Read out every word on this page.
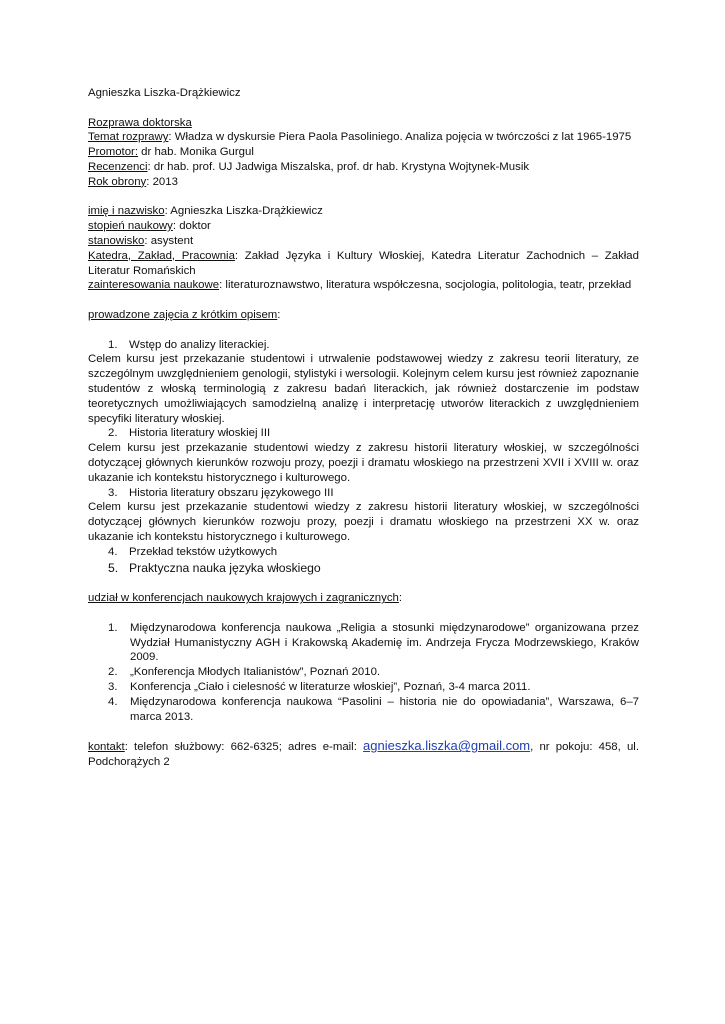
Agnieszka Liszka-Drążkiewicz
Rozprawa doktorska
Temat rozprawy: Władza w dyskursie Piera Paola Pasoliniego. Analiza pojęcia w twórczości z lat 1965-1975
Promotor: dr hab. Monika Gurgul
Recenzenci: dr hab. prof. UJ Jadwiga Miszalska, prof. dr hab. Krystyna Wojtynek-Musik
Rok obrony: 2013
imię i nazwisko: Agnieszka Liszka-Drążkiewicz
stopień naukowy: doktor
stanowisko: asystent
Katedra, Zakład, Pracownia: Zakład Języka i Kultury Włoskiej, Katedra Literatur Zachodnich – Zakład Literatur Romańskich
zainteresowania naukowe: literaturoznawstwo, literatura współczesna, socjologia, politologia, teatr, przekład
prowadzone zajęcia z krótkim opisem:
1. Wstęp do analizy literackiej.
Celem kursu jest przekazanie studentowi i utrwalenie podstawowej wiedzy z zakresu teorii literatury, ze szczególnym uwzględnieniem genologii, stylistyki i wersologii. Kolejnym celem kursu jest również zapoznanie studentów z włoską terminologią z zakresu badań literackich, jak również dostarczenie im podstaw teoretycznych umożliwiających samodzielną analizę i interpretację utworów literackich z uwzględnieniem specyfiki literatury włoskiej.
2. Historia literatury włoskiej III
Celem kursu jest przekazanie studentowi wiedzy z zakresu historii literatury włoskiej, w szczególności dotyczącej głównych kierunków rozwoju prozy, poezji i dramatu włoskiego na przestrzeni XVII i XVIII w. oraz ukazanie ich kontekstu historycznego i kulturowego.
3. Historia literatury obszaru językowego III
Celem kursu jest przekazanie studentowi wiedzy z zakresu historii literatury włoskiej, w szczególności dotyczącej głównych kierunków rozwoju prozy, poezji i dramatu włoskiego na przestrzeni XX w. oraz ukazanie ich kontekstu historycznego i kulturowego.
4. Przekład tekstów użytkowych
5. Praktyczna nauka języka włoskiego
udział w konferencjach naukowych krajowych i zagranicznych:
1. Międzynarodowa konferencja naukowa „Religia a stosunki międzynarodowe” organizowana przez Wydział Humanistyczny AGH i Krakowską Akademię im. Andrzeja Frycza Modrzewskiego, Kraków 2009.
2. „Konferencja Młodych Italianistów”, Poznań 2010.
3. Konferencja „Ciało i cielesność w literaturze włoskiej”, Poznań, 3-4 marca 2011.
4. Międzynarodowa konferencja naukowa “Pasolini – historia nie do opowiadania”, Warszawa, 6–7 marca 2013.
kontakt: telefon służbowy: 662-6325; adres e-mail: agnieszka.liszka@gmail.com, nr pokoju: 458, ul. Podchorążych 2
